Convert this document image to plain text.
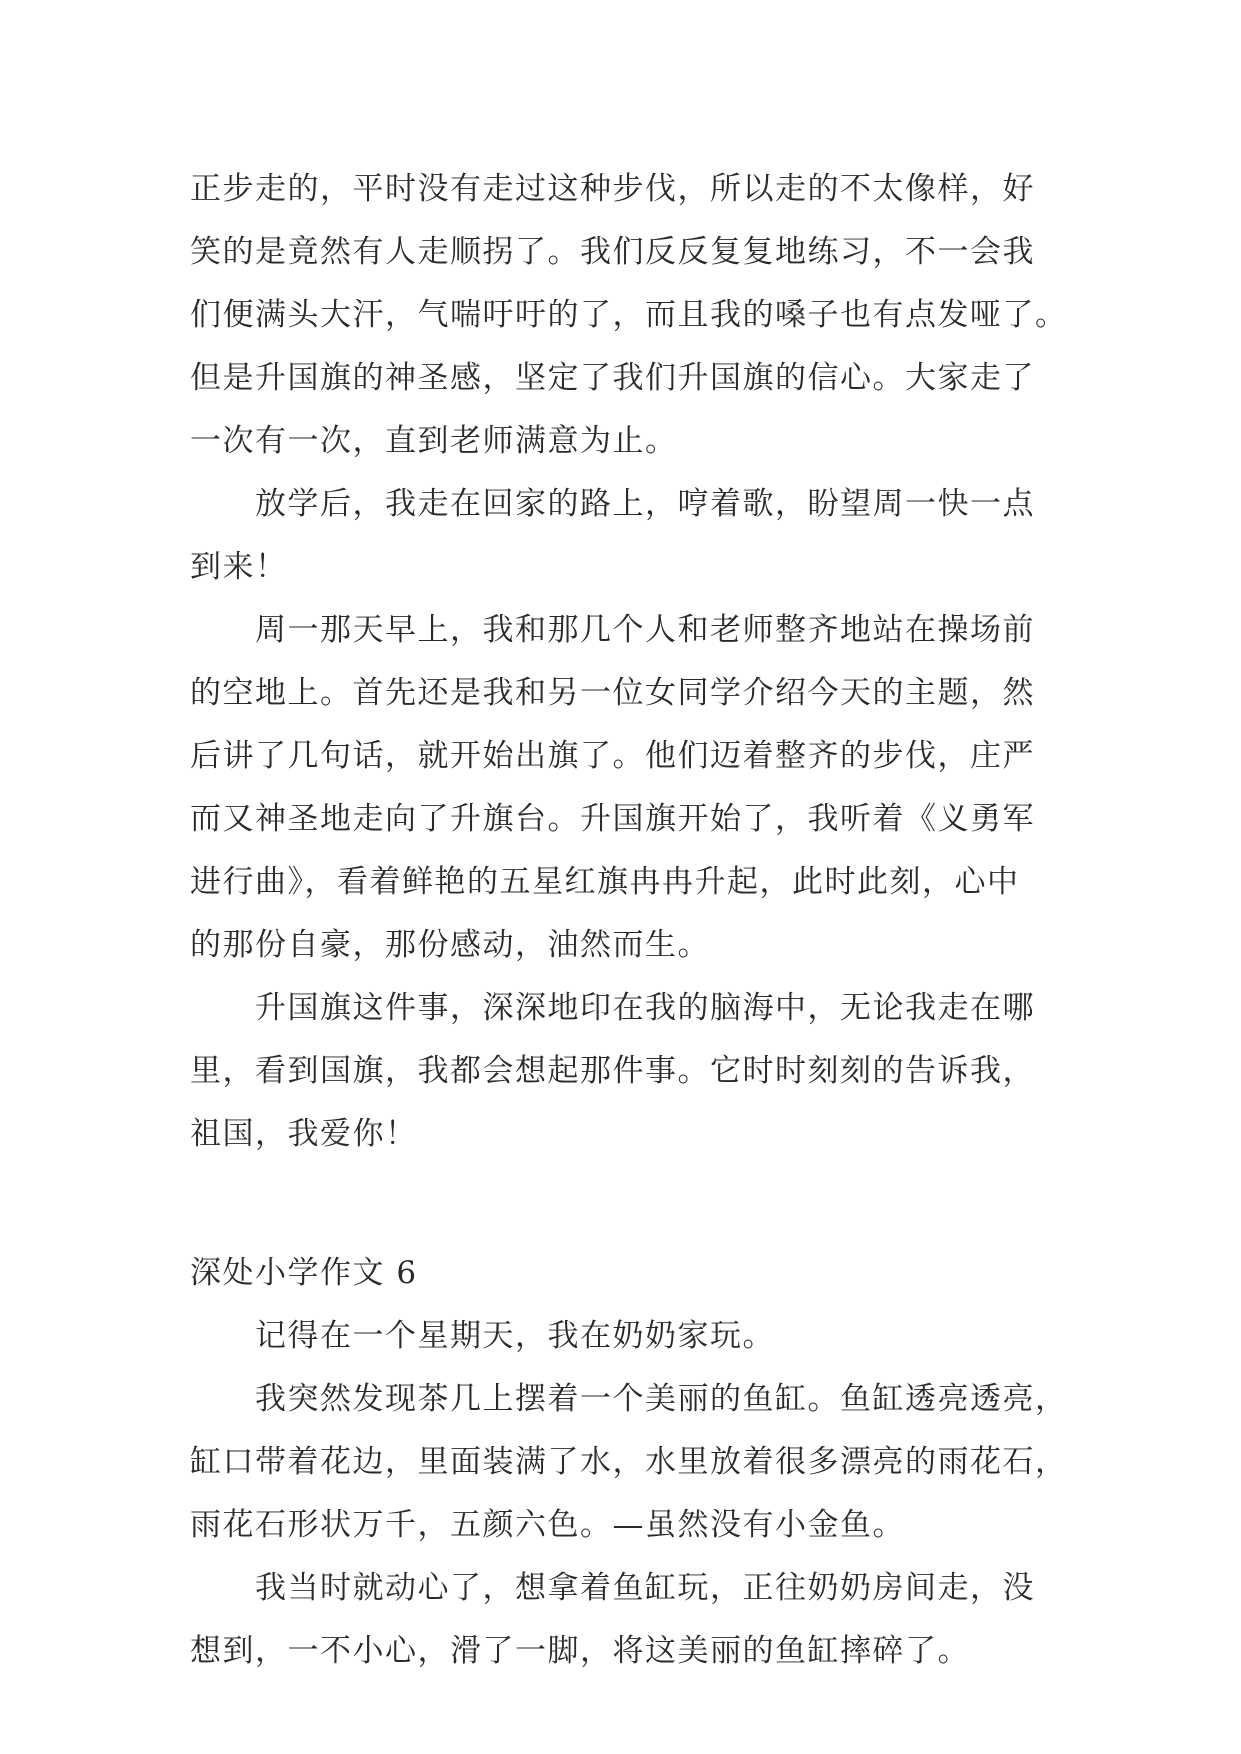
正步走的，平时没有走过这种步伐，所以走的不太像样，好
笑的是竟然有人走顺拐了。我们反反复复地练习，不一会我
们便满头大汗，气喘吁吁的了，而且我的嗓子也有点发哑了。
但是升国旗的神圣感，坚定了我们升国旗的信心。大家走了
一次有一次，直到老师满意为止。
　　放学后，我走在回家的路上，哼着歌，盼望周一快一点
到来！
　　周一那天早上，我和那几个人和老师整齐地站在操场前
的空地上。首先还是我和另一位女同学介绍今天的主题，然
后讲了几句话，就开始出旗了。他们迈着整齐的步伐，庄严
而又神圣地走向了升旗台。升国旗开始了，我听着《义勇军
进行曲》，看着鲜艳的五星红旗冉冉升起，此时此刻，心中
的那份自豪，那份感动，油然而生。
　　升国旗这件事，深深地印在我的脑海中，无论我走在哪
里，看到国旗，我都会想起那件事。它时时刻刻的告诉我，
祖国，我爱你！
深处小学作文 6
　　记得在一个星期天，我在奶奶家玩。
　　我突然发现茶几上摆着一个美丽的鱼缸。鱼缸透亮透亮，
缸口带着花边，里面装满了水，水里放着很多漂亮的雨花石，
雨花石形状万千，五颜六色。—虽然没有小金鱼。
　　我当时就动心了，想拿着鱼缸玩，正往奶奶房间走，没
想到，一不小心，滑了一脚，将这美丽的鱼缸摔碎了。
